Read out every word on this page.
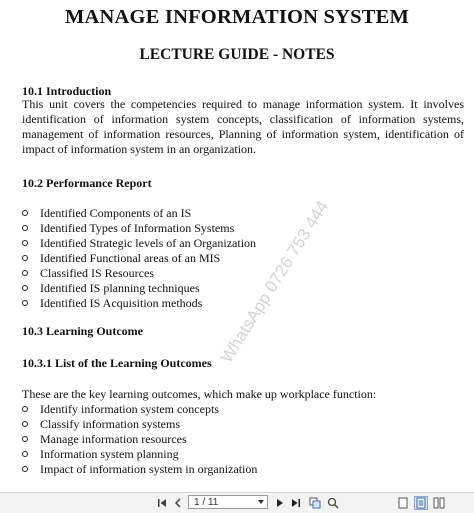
MANAGE INFORMATION SYSTEM
LECTURE GUIDE - NOTES
10.1 Introduction

This unit covers the competencies required to manage information system. It involves identification of information system concepts, classification of information systems, management of information resources, Planning of information system, identification of impact of information system in an organization.

10.2 Performance Report
Identified Components of an IS
Identified Types of Information Systems
Identified Strategic levels of an Organization
Identified Functional areas of an MIS
Classified IS Resources
Identified IS planning techniques
Identified IS Acquisition methods
10.3 Learning Outcome
10.3.1 List of the Learning Outcomes
These are the key learning outcomes, which make up workplace function:
Identify information system concepts
Classify information systems
Manage information resources
Information system planning
Impact of information system in organization
WhatsApp 0726 753 444
1 / 11
